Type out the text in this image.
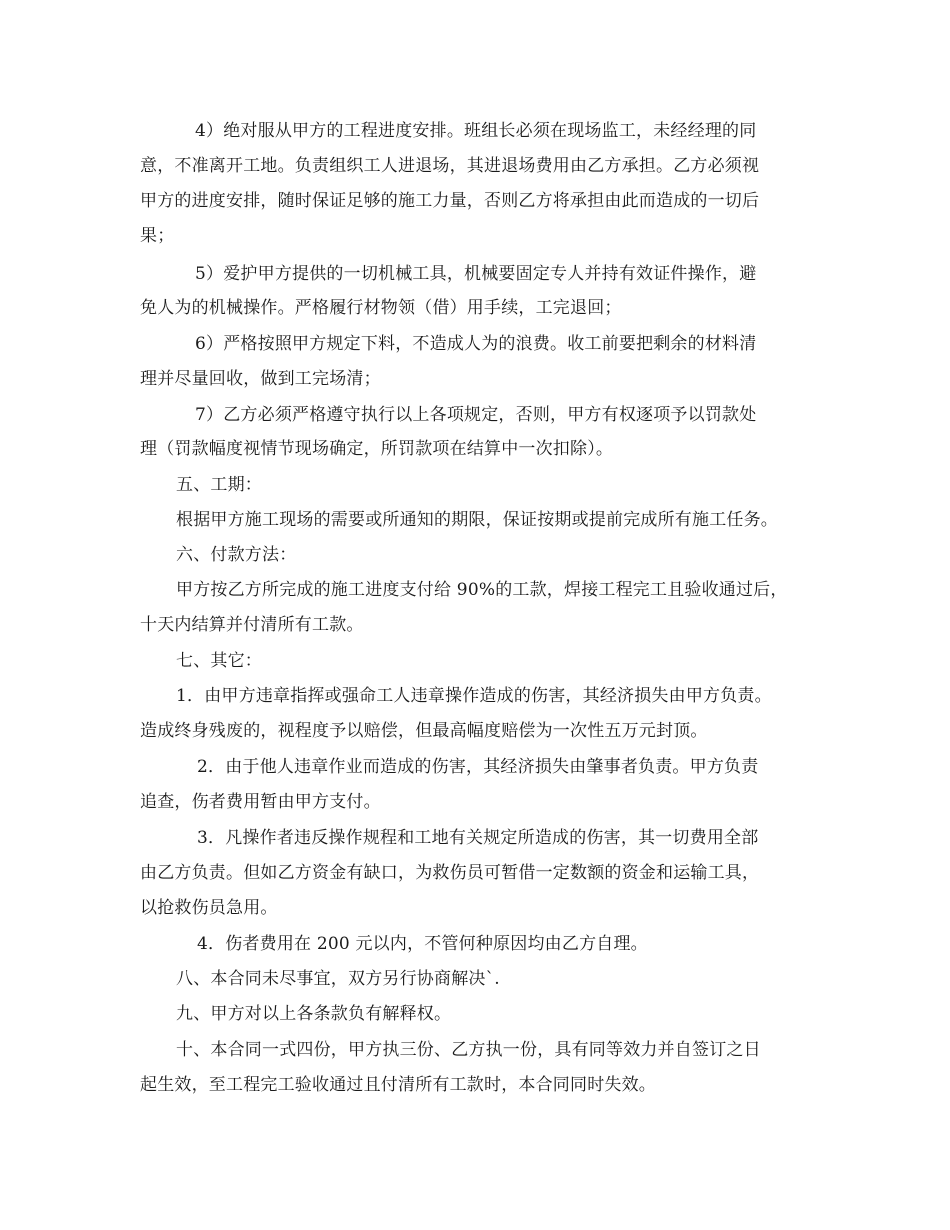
4）绝对服从甲方的工程进度安排。班组长必须在现场监工，未经经理的同
意，不准离开工地。负责组织工人进退场，其进退场费用由乙方承担。乙方必须视
甲方的进度安排，随时保证足够的施工力量，否则乙方将承担由此而造成的一切后
果；
5）爱护甲方提供的一切机械工具，机械要固定专人并持有效证件操作，避
免人为的机械操作。严格履行材物领（借）用手续，工完退回；
6）严格按照甲方规定下料，不造成人为的浪费。收工前要把剩余的材料清
理并尽量回收，做到工完场清；
7）乙方必须严格遵守执行以上各项规定，否则，甲方有权逐项予以罚款处
理（罚款幅度视情节现场确定，所罚款项在结算中一次扣除）。
五、工期：
根据甲方施工现场的需要或所通知的期限，保证按期或提前完成所有施工任务。
六、付款方法：
甲方按乙方所完成的施工进度支付给 90%的工款，焊接工程完工且验收通过后，
十天内结算并付清所有工款。
七、其它：
1．由甲方违章指挥或强命工人违章操作造成的伤害，其经济损失由甲方负责。
造成终身残废的，视程度予以赔偿，但最高幅度赔偿为一次性五万元封顶。
2．由于他人违章作业而造成的伤害，其经济损失由肇事者负责。甲方负责
追查，伤者费用暂由甲方支付。
3．凡操作者违反操作规程和工地有关规定所造成的伤害，其一切费用全部
由乙方负责。但如乙方资金有缺口，为救伤员可暂借一定数额的资金和运输工具，
以抢救伤员急用。
4．伤者费用在 200 元以内，不管何种原因均由乙方自理。
八、本合同未尽事宜，双方另行协商解决`.
九、甲方对以上各条款负有解释权。
十、本合同一式四份，甲方执三份、乙方执一份，具有同等效力并自签订之日
起生效，至工程完工验收通过且付清所有工款时，本合同同时失效。
